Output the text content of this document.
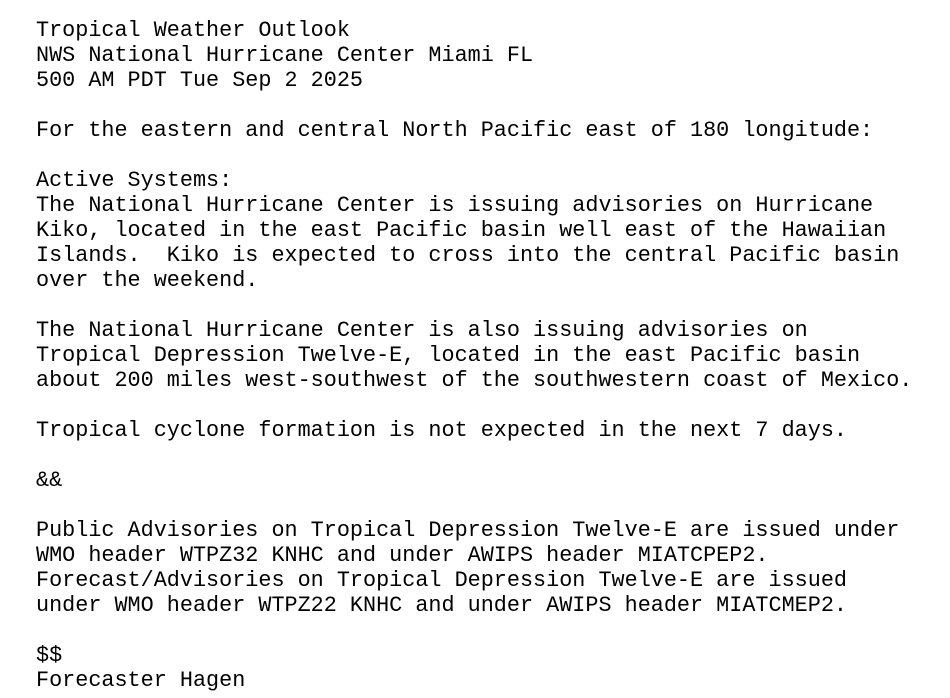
Tropical Weather Outlook
NWS National Hurricane Center Miami FL
500 AM PDT Tue Sep 2 2025
For the eastern and central North Pacific east of 180 longitude:
Active Systems:
The National Hurricane Center is issuing advisories on Hurricane
Kiko, located in the east Pacific basin well east of the Hawaiian
Islands.  Kiko is expected to cross into the central Pacific basin
over the weekend.
The National Hurricane Center is also issuing advisories on
Tropical Depression Twelve-E, located in the east Pacific basin
about 200 miles west-southwest of the southwestern coast of Mexico.
Tropical cyclone formation is not expected in the next 7 days.
&&
Public Advisories on Tropical Depression Twelve-E are issued under
WMO header WTPZ32 KNHC and under AWIPS header MIATCPEP2.
Forecast/Advisories on Tropical Depression Twelve-E are issued
under WMO header WTPZ22 KNHC and under AWIPS header MIATCMEP2.
$$
Forecaster Hagen
